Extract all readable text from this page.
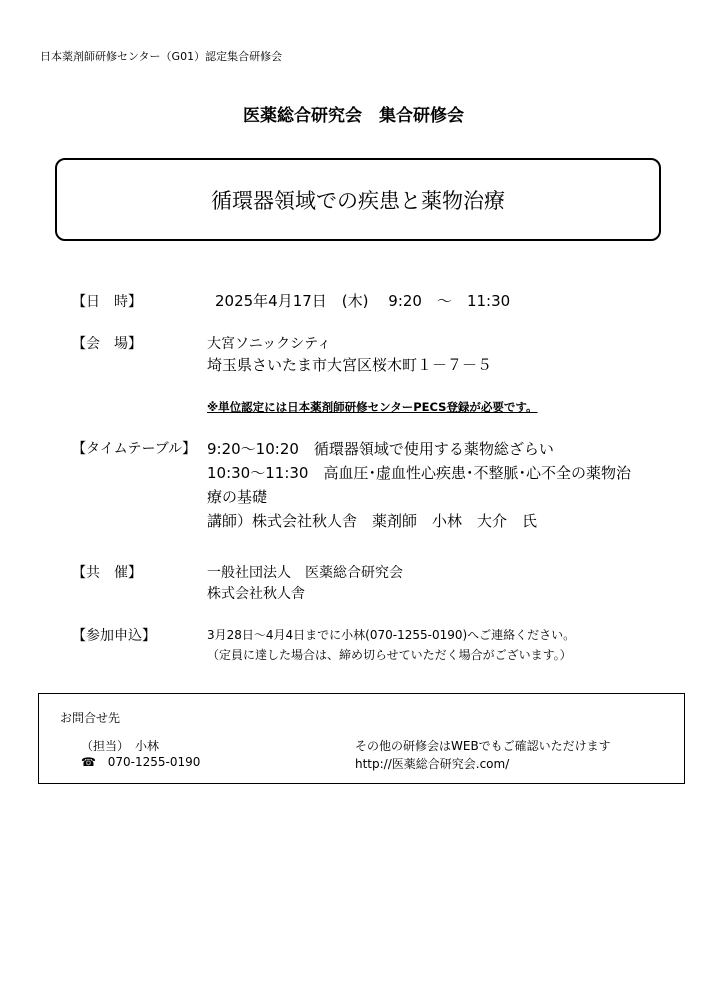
日本薬剤師研修センター（G01）認定集合研修会
医薬総合研究会　集合研修会
循環器領域での疾患と薬物治療
【日　時】	2025年4月17日　(木)　 9:20　～　11:30
【会　場】	大宮ソニックシティ
埼玉県さいたま市大宮区桜木町１－７－５
※単位認定には日本薬剤師研修センターPECS登録が必要です。
【タイムテーブル】 9:20～10:20　循環器領域で使用する薬物総ざらい
10:30～11:30　高血圧･虚血性心疾患･不整脈･心不全の薬物治
療の基礎
講師）株式会社秋人舎　薬剤師　小林　大介　氏
【共　催】	一般社団法人　医薬総合研究会
株式会社秋人舎
【参加申込】	3月28日～4月4日までに小林(070-1255-0190)へご連絡ください。
（定員に達した場合は、締め切らせていただく場合がございます。）
お問合せ先
（担当）　小林
☎ 070-1255-0190
その他の研修会はWEBでもご確認いただけます
http://医薬総合研究会.com/
